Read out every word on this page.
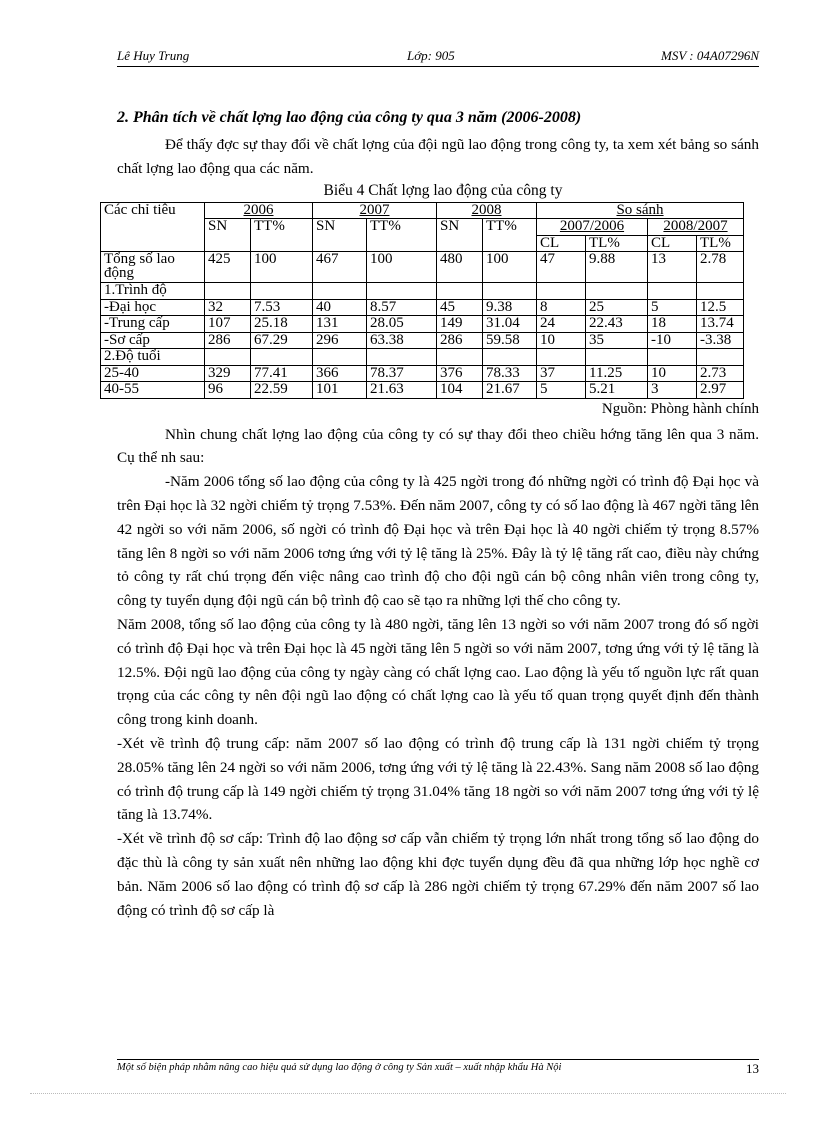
Lê Huy Trung	Lớp: 905	MSV : 04A07296N
2. Phân tích về chất lợng lao động của công ty qua 3 năm (2006-2008)

Để thấy đợc sự thay đổi về chất lợng của đội ngũ lao động trong công ty, ta xem xét bảng so sánh chất lợng lao động qua các năm.

Biểu 4 Chất lợng lao động của công ty
Các chỉ tiêu	2006		2007		2008		So sánh			
	SN	TT%	SN	TT%	SN	TT%	2007/2006		2008/2007	
							CL	TL%	CL	TL%
Tổng số lao động	425	100	467	100	480	100	47	9.88	13	2.78
1.Trình độ										
-Đại học	32	7.53	40	8.57	45	9.38	8	25	5	12.5
-Trung cấp	107	25.18	131	28.05	149	31.04	24	22.43	18	13.74
-Sơ cấp	286	67.29	296	63.38	286	59.58	10	35	-10	-3.38
2.Độ tuổi										
25-40	329	77.41	366	78.37	376	78.33	37	11.25	10	2.73
40-55	96	22.59	101	21.63	104	21.67	5	5.21	3	2.97
Nguồn: Phòng hành chính

Nhìn chung chất lợng lao động của công ty có sự thay đổi theo chiều hớng tăng lên qua 3 năm. Cụ thể nh sau:

-Năm 2006 tổng số lao động của công ty là 425 ngời trong đó những ngời có trình độ Đại học và trên Đại học là 32 ngời chiếm tỷ trọng 7.53%. Đến năm 2007, công ty có số lao động là 467 ngời tăng lên 42 ngời so với năm 2006, số ngời có trình độ Đại học và trên Đại học là 40 ngời chiếm tỷ trọng 8.57% tăng lên 8 ngời so với năm 2006 tơng ứng với tỷ lệ tăng là 25%. Đây là tỷ lệ tăng rất cao, điều này chứng tỏ công ty rất chú trọng đến việc nâng cao trình độ cho đội ngũ cán bộ công nhân viên trong công ty, công ty tuyển dụng đội ngũ cán bộ trình độ cao sẽ tạo ra những lợi thế cho công ty.

Năm 2008, tổng số lao động của công ty là 480 ngời, tăng lên 13 ngời so với năm 2007 trong đó số ngời có trình độ Đại học và trên Đại học là 45 ngời tăng lên 5 ngời so với năm 2007, tơng ứng với tỷ lệ tăng là 12.5%. Đội ngũ lao động của công ty ngày càng có chất lợng cao. Lao động là yếu tố nguồn lực rất quan trọng của các công ty nên đội ngũ lao động có chất lợng cao là yếu tố quan trọng quyết định đến thành công trong kinh doanh.

-Xét về trình độ trung cấp: năm 2007 số lao động có trình độ trung cấp là 131 ngời chiếm tỷ trọng 28.05% tăng lên 24 ngời so với năm 2006, tơng ứng với tỷ lệ tăng là 22.43%. Sang năm 2008 số lao động có trình độ trung cấp là 149 ngời chiếm tỷ trọng 31.04% tăng 18 ngời so với năm 2007 tơng ứng với tỷ lệ tăng là 13.74%.

-Xét về trình độ sơ cấp: Trình độ lao động sơ cấp vẫn chiếm tỷ trọng lớn nhất trong tổng số lao động do đặc thù là công ty sản xuất nên những lao động khi đợc tuyển dụng đều đã qua những lớp học nghề cơ bản. Năm 2006 số lao động có trình độ sơ cấp là 286 ngời chiếm tỷ trọng 67.29% đến năm 2007 số lao động có trình độ sơ cấp là

Một số biện pháp nhằm nâng cao hiệu quả sử dụng lao động ở công ty Sản xuất – xuất nhập khẩu Hà Nội	13
